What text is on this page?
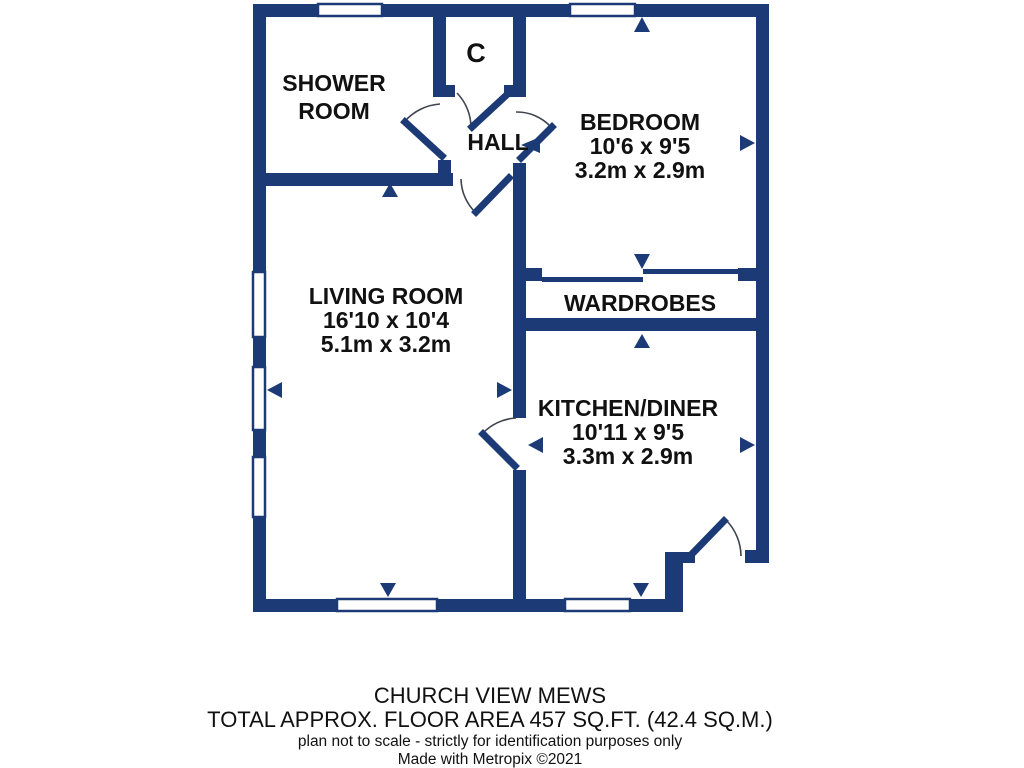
SHOWER
ROOM
C
HALL
BEDROOM
10'6 x 9'5
3.2m x 2.9m
LIVING ROOM
16'10 x 10'4
5.1m x 3.2m
WARDROBES
KITCHEN/DINER
10'11 x 9'5
3.3m x 2.9m
CHURCH VIEW MEWS
TOTAL APPROX. FLOOR AREA 457 SQ.FT. (42.4 SQ.M.)
plan not to scale - strictly for identification purposes only
Made with Metropix ©2021
